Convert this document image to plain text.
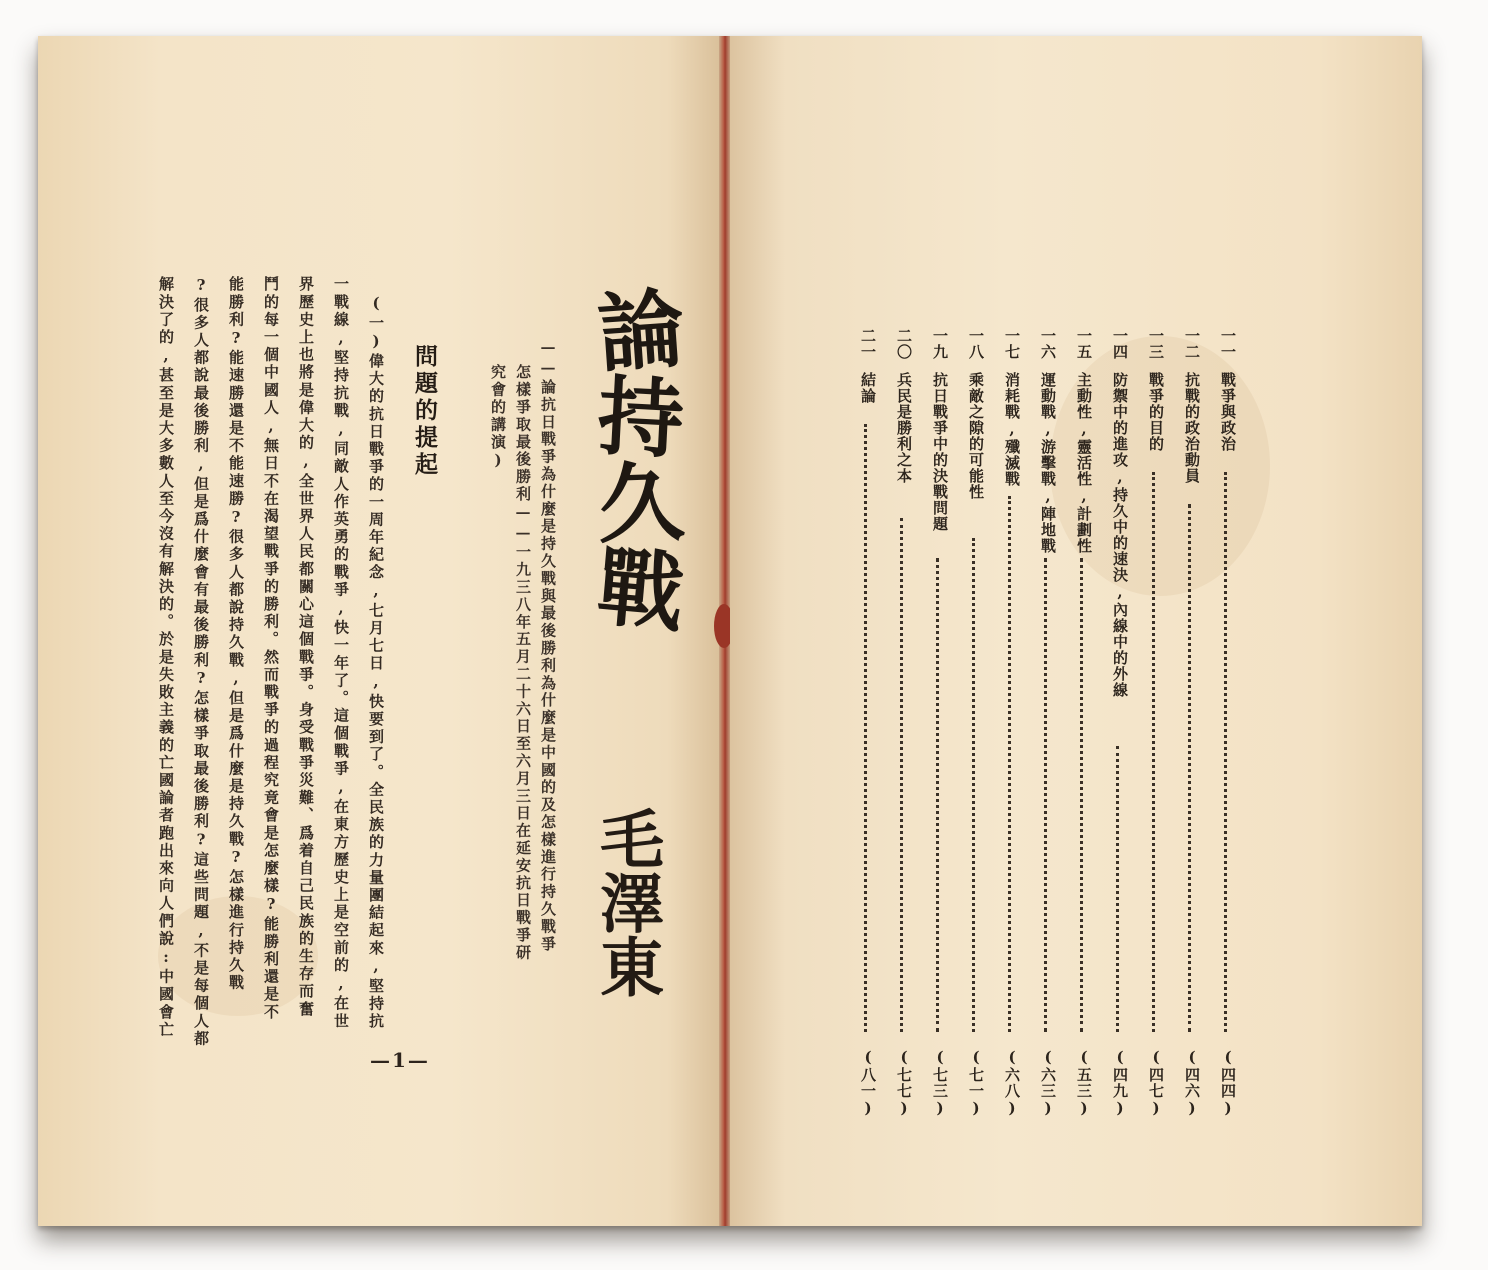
論持久戰
——論抗日戰爭為什麼是持久戰與最後勝利為什麼是中國的及怎樣進行持久戰爭
怎樣爭取最後勝利——一九三八年五月二十六日至六月三日在延安抗日戰爭研
究會的講演)
毛澤東
問題的提起
(一)偉大的抗日戰爭的一周年紀念,七月七日,快要到了。全民族的力量團結起來,堅持抗
一戰線,堅持抗戰,同敵人作英勇的戰爭,快一年了。這個戰爭,在東方歷史上是空前的,在世
界歷史上也將是偉大的,全世界人民都關心這個戰爭。身受戰爭災難、爲着自己民族的生存而奮
鬥的每一個中國人,無日不在渴望戰爭的勝利。然而戰爭的過程究竟會是怎麼樣?能勝利還是不
能勝利?能速勝還是不能速勝?很多人都說持久戰,但是爲什麼是持久戰?怎樣進行持久戰
?很多人都說最後勝利,但是爲什麼會有最後勝利?怎樣爭取最後勝利?這些問題,不是每個人都
解決了的,甚至是大多數人至今沒有解決的。於是失敗主義的亡國論者跑出來向人們說:中國會亡
—1—
一一
戰爭與政治
(四四)
一二
抗戰的政治動員
(四六)
一三
戰爭的目的
(四七)
一四
防禦中的進攻,持久中的速決,內線中的外線
(四九)
一五
主動性,靈活性,計劃性
(五三)
一六
運動戰,游擊戰,陣地戰
(六三)
一七
消耗戰,殲滅戰
(六八)
一八
乘敵之隙的可能性
(七一)
一九
抗日戰爭中的決戰問題
(七三)
二〇
兵民是勝利之本
(七七)
二一
結論
(八一)
